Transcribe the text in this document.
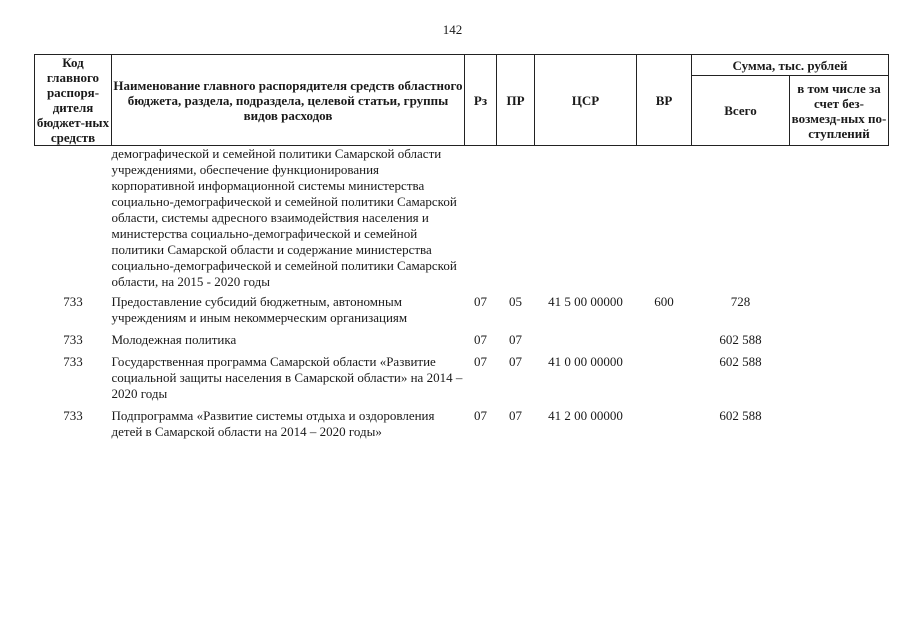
142
Код главного распоря-дителя бюджет-ных средств	Наименование главного распорядителя средств областного бюджета, раздела, подраздела, целевой статьи, группы видов расходов	Рз	ПР	ЦСР	ВР	Сумма, тыс. рублей	
						Всего	в том числе за счет без-возмезд-ных по-ступлений
	демографической и семейной политики Самарской области учреждениями, обеспечение функционирования корпоративной информационной системы министерства социально-демографической и семейной политики Самарской области, системы адресного взаимодействия населения и министерства социально-демографической и семейной политики Самарской области и содержание министерства социально-демографической и семейной политики Самарской области, на 2015 - 2020 годы						
733	Предоставление субсидий бюджетным, автономным учреждениям и иным некоммерческим организациям	07	05	41 5 00 00000	600	728	
733	Молодежная политика	07	07			602 588	
733	Государственная программа Самарской области «Развитие социальной защиты населения в Самарской области» на 2014 – 2020 годы	07	07	41 0 00 00000		602 588	
733	Подпрограмма «Развитие системы отдыха и оздоровления детей в Самарской области на 2014 – 2020 годы»	07	07	41 2 00 00000		602 588	
